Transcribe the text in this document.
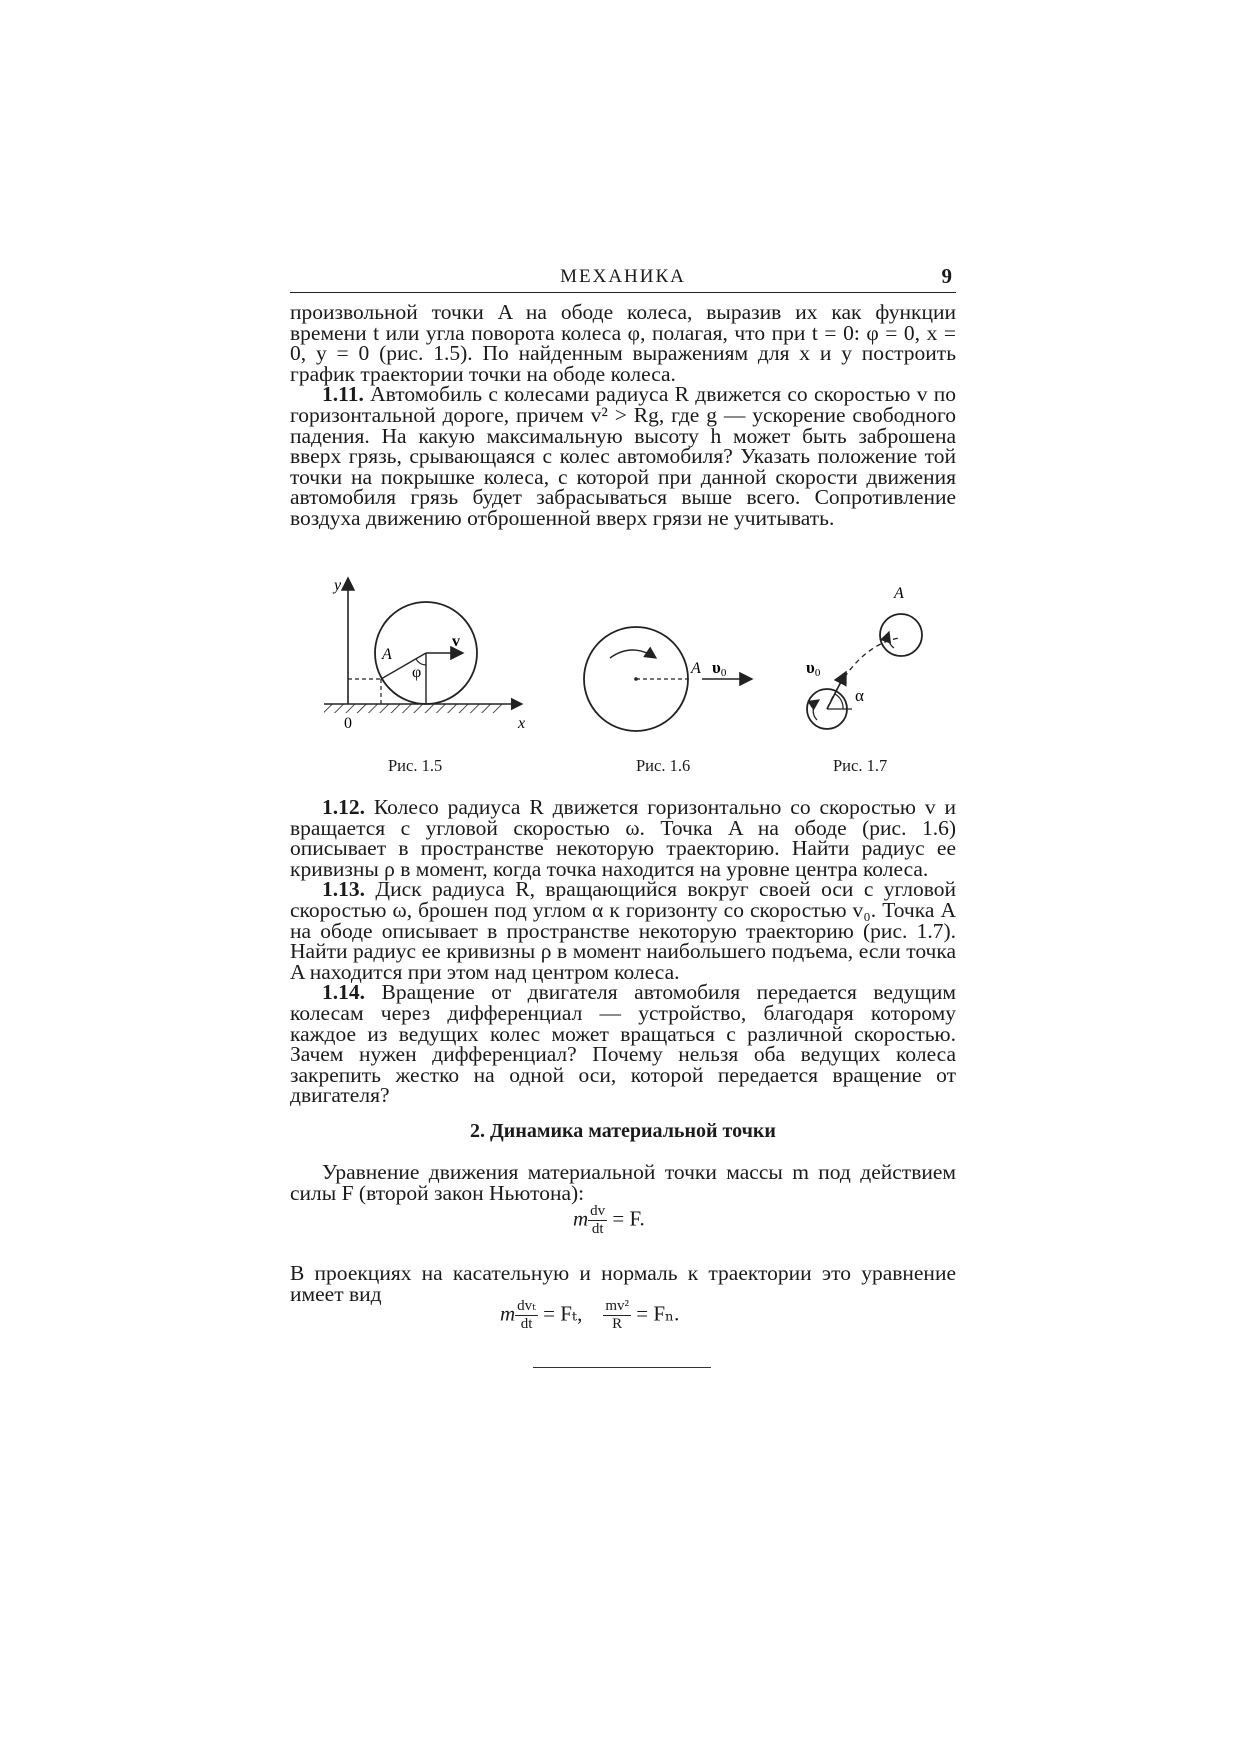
МЕХАНИКА	9

произвольной точки A на ободе колеса, выразив их как функции времени t или угла поворота колеса φ, полагая, что при t = 0: φ = 0, x = 0, y = 0 (рис. 1.5). По найденным выражениям для x и y построить график траектории точки на ободе колеса.

1.11. Автомобиль с колесами радиуса R движется со скоростью v по горизонтальной дороге, причем v² > Rg, где g — ускорение свободного падения. На какую максимальную высоту h может быть заброшена вверх грязь, срывающаяся с колес автомобиля? Указать положение той точки на покрышке колеса, с которой при данной скорости движения автомобиля грязь будет забрасываться выше всего. Сопротивление воздуха движению отброшенной вверх грязи не учитывать.

y
x
0
A
φ
v
A υ0
A
υ0
α
Рис. 1.5	Рис. 1.6	Рис. 1.7

1.12. Колесо радиуса R движется горизонтально со скоростью v и вращается с угловой скоростью ω. Точка A на ободе (рис. 1.6) описывает в пространстве некоторую траекторию. Найти радиус ее кривизны ρ в момент, когда точка находится на уровне центра колеса.

1.13. Диск радиуса R, вращающийся вокруг своей оси с угловой скоростью ω, брошен под углом α к горизонту со скоростью v₀. Точка A на ободе описывает в пространстве некоторую траекторию (рис. 1.7). Найти радиус ее кривизны ρ в момент наибольшего подъема, если точка A находится при этом над центром колеса.

1.14. Вращение от двигателя автомобиля передается ведущим колесам через дифференциал — устройство, благодаря которому каждое из ведущих колес может вращаться с различной скоростью. Зачем нужен дифференциал? Почему нельзя оба ведущих колеса закрепить жестко на одной оси, которой передается вращение от двигателя?

2. Динамика материальной точки

Уравнение движения материальной точки массы m под действием силы F (второй закон Ньютона):

m $\frac{dv}{dt} = F$.

В проекциях на касательную и нормаль к траектории это уравнение имеет вид

m $\frac{\text{dvₜ}}{dt} = F_t$, $\frac{\text{mv²}}{R} = F_n$.
